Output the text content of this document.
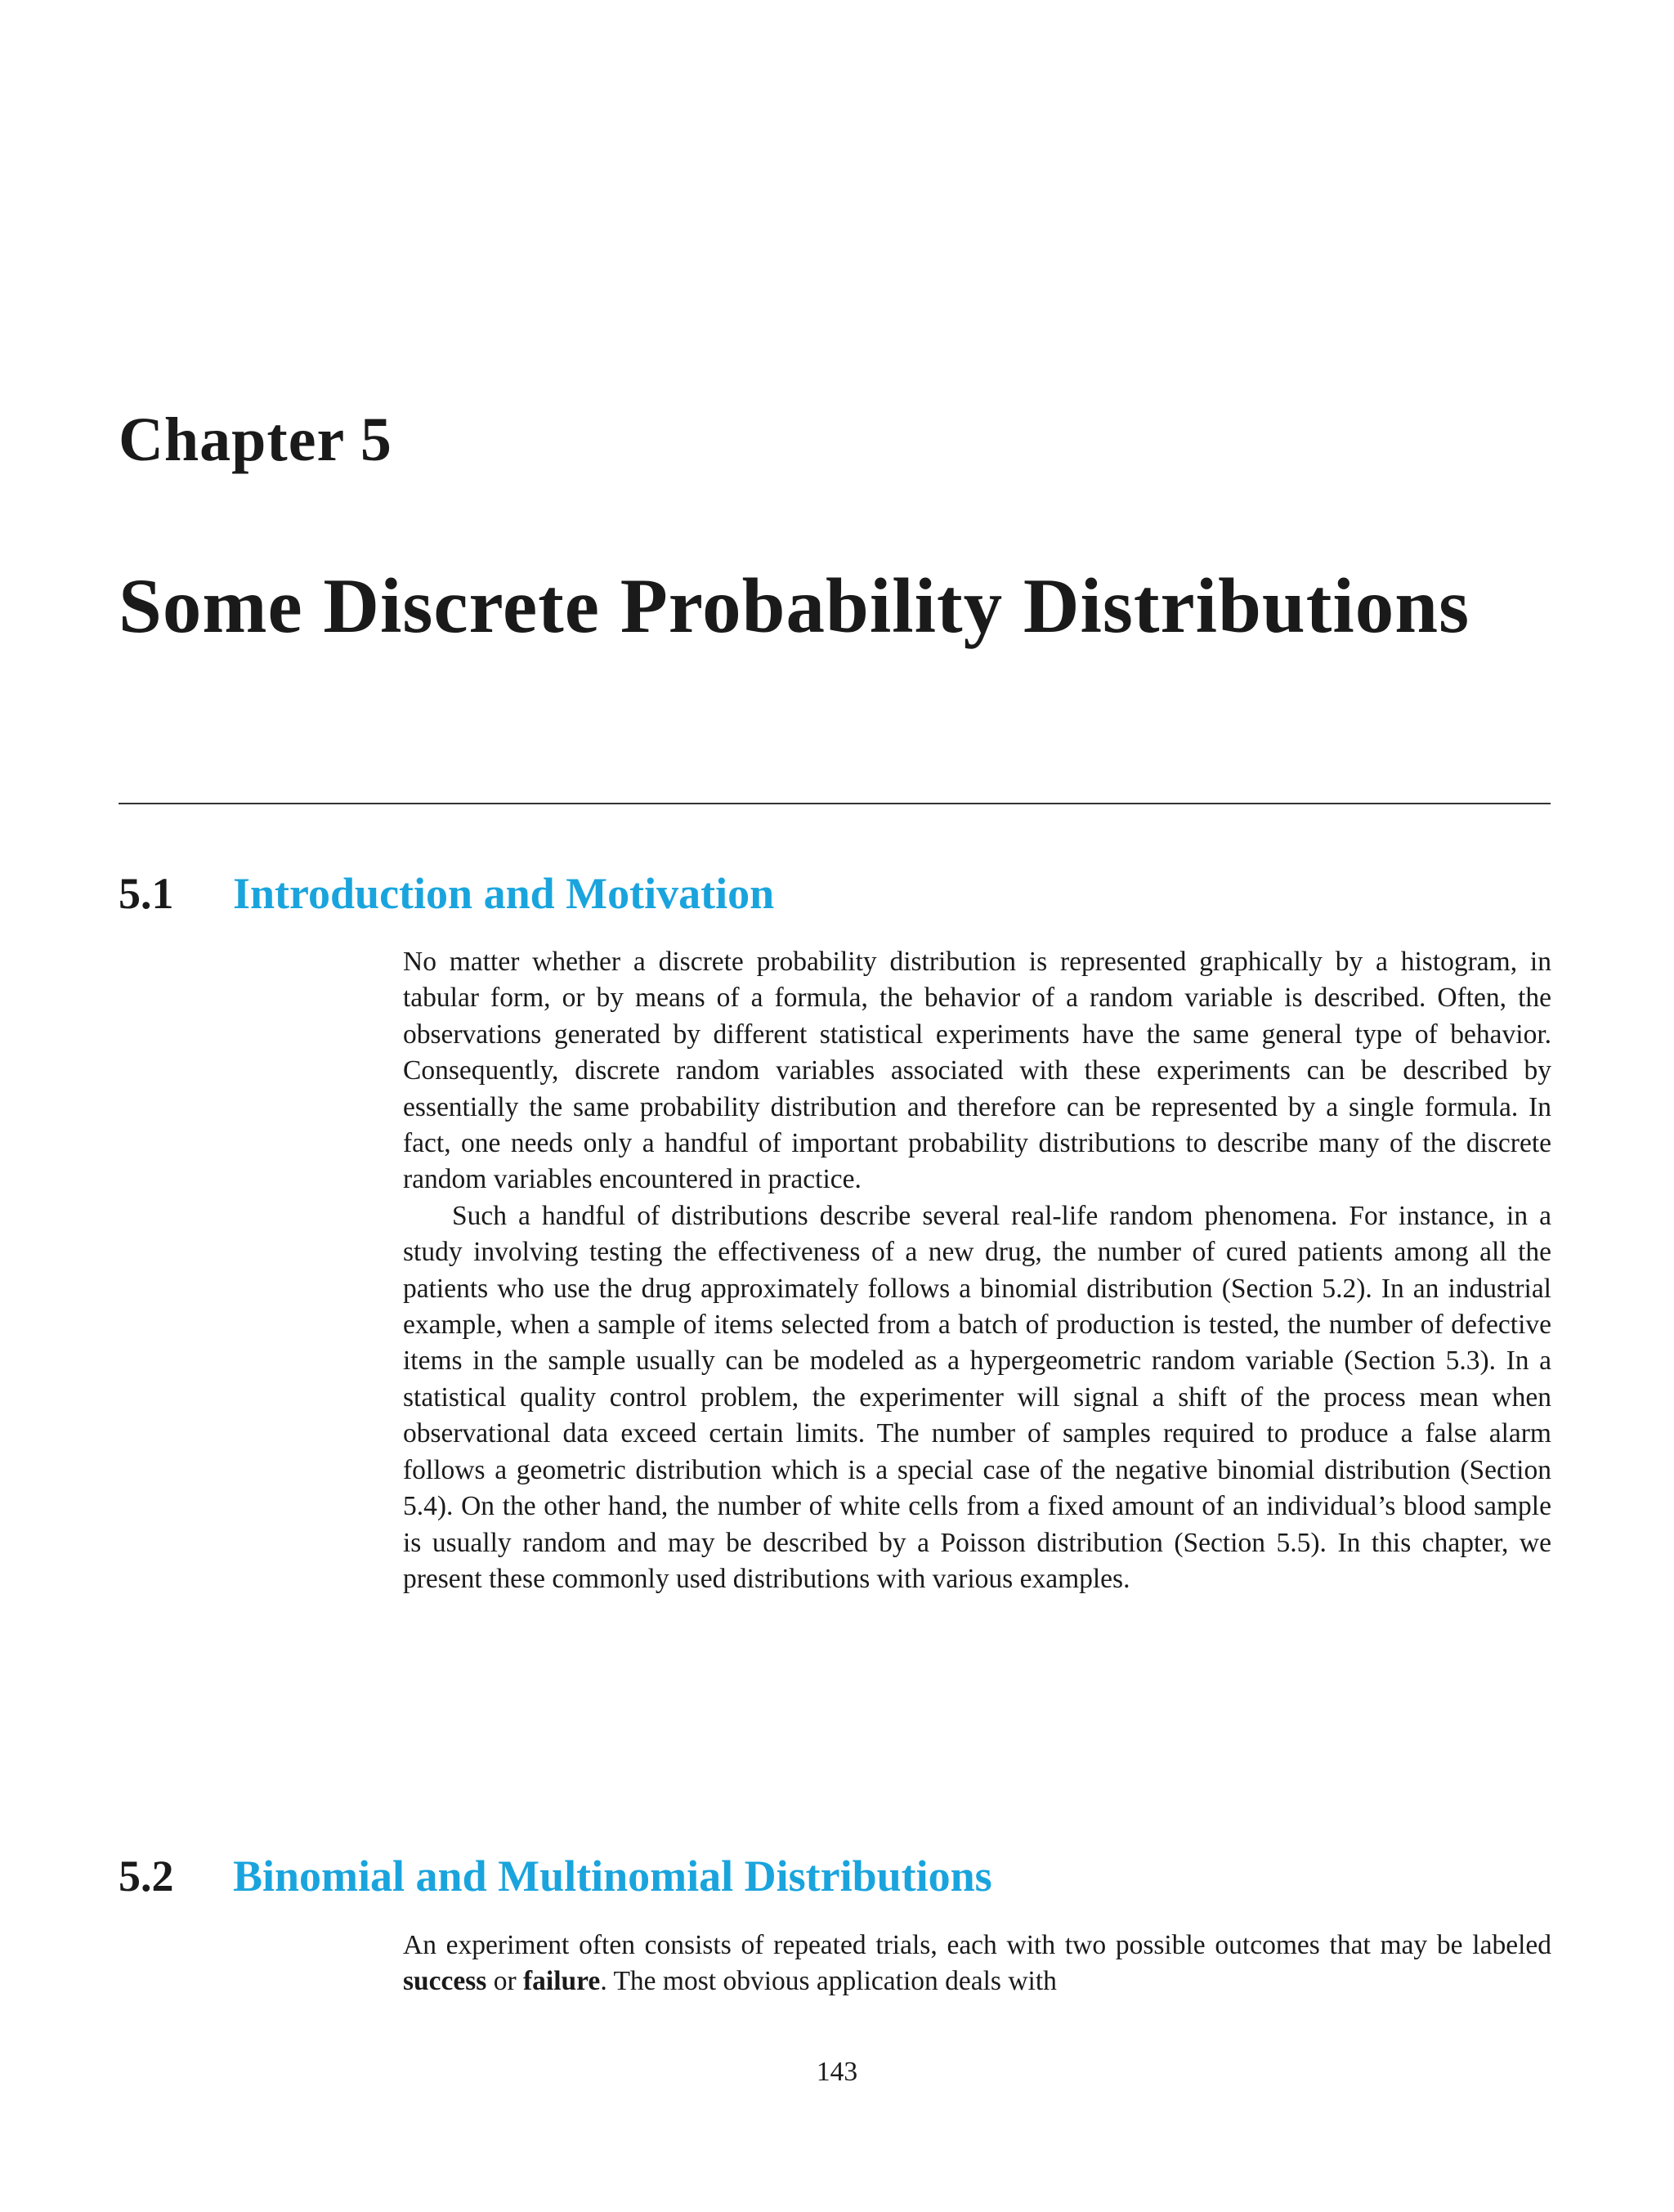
Chapter 5
Some Discrete Probability Distributions
5.1 Introduction and Motivation

No matter whether a discrete probability distribution is represented graphically by a histogram, in tabular form, or by means of a formula, the behavior of a random variable is described. Often, the observations generated by different statistical experiments have the same general type of behavior. Consequently, discrete random variables associated with these experiments can be described by essentially the same probability distribution and therefore can be represented by a single formula. In fact, one needs only a handful of important probability distributions to describe many of the discrete random variables encountered in practice.

Such a handful of distributions describe several real-life random phenomena. For instance, in a study involving testing the effectiveness of a new drug, the number of cured patients among all the patients who use the drug approximately follows a binomial distribution (Section 5.2). In an industrial example, when a sample of items selected from a batch of production is tested, the number of defective items in the sample usually can be modeled as a hypergeometric random variable (Section 5.3). In a statistical quality control problem, the experimenter will signal a shift of the process mean when observational data exceed certain limits. The number of samples required to produce a false alarm follows a geometric distribution which is a special case of the negative binomial distribution (Section 5.4). On the other hand, the number of white cells from a fixed amount of an individual’s blood sample is usually random and may be described by a Poisson distribution (Section 5.5). In this chapter, we present these commonly used distributions with various examples.

5.2 Binomial and Multinomial Distributions

An experiment often consists of repeated trials, each with two possible outcomes that may be labeled success or failure. The most obvious application deals with

143
